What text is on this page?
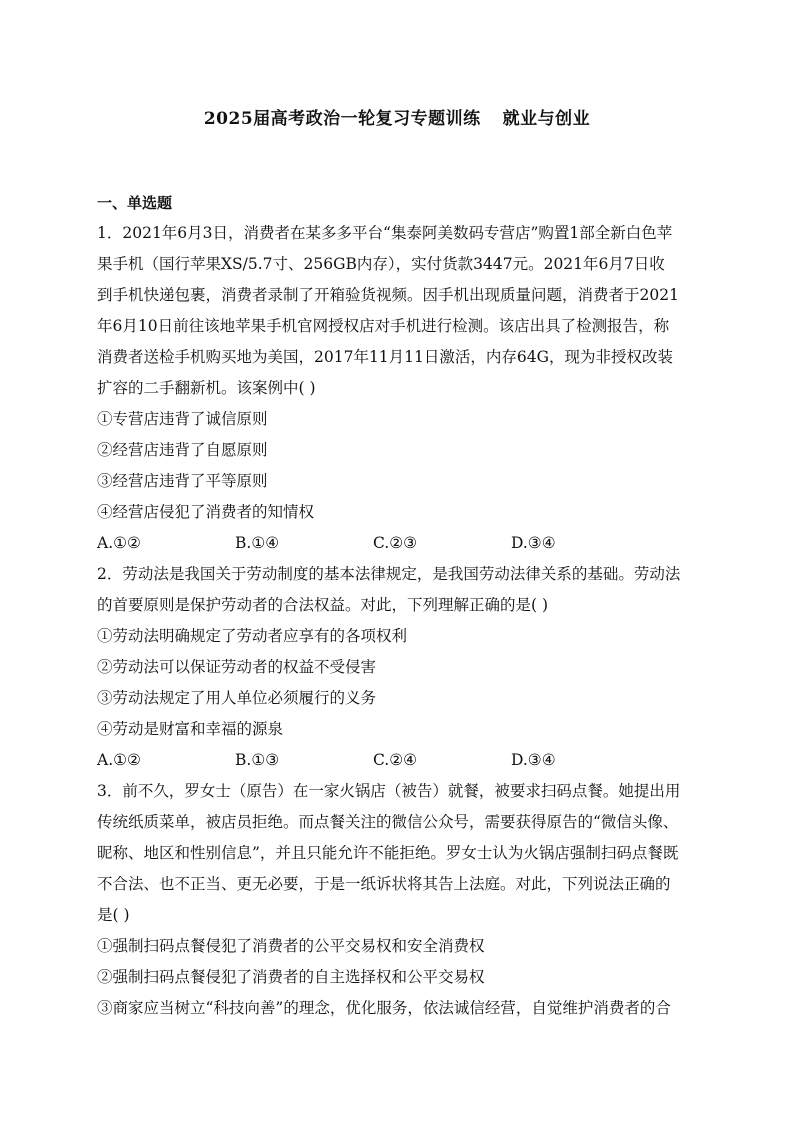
2025届高考政治一轮复习专题训练 就业与创业
一、单选题
1．2021年6月3日，消费者在某多多平台“集泰阿美数码专营店”购置1部全新白色苹
果手机（国行苹果XS/5.7寸、256GB内存），实付货款3447元。2021年6月7日收
到手机快递包裹，消费者录制了开箱验货视频。因手机出现质量问题，消费者于2021
年6月10日前往该地苹果手机官网授权店对手机进行检测。该店出具了检测报告，称
消费者送检手机购买地为美国，2017年11月11日激活，内存64G，现为非授权改装
扩容的二手翻新机。该案例中( )
①专营店违背了诚信原则
②经营店违背了自愿原则
③经营店违背了平等原则
④经营店侵犯了消费者的知情权
A.①②	B.①④	C.②③	D.③④
2．劳动法是我国关于劳动制度的基本法律规定，是我国劳动法律关系的基础。劳动法
的首要原则是保护劳动者的合法权益。对此，下列理解正确的是( )
①劳动法明确规定了劳动者应享有的各项权利
②劳动法可以保证劳动者的权益不受侵害
③劳动法规定了用人单位必须履行的义务
④劳动是财富和幸福的源泉
A.①②	B.①③	C.②④	D.③④
3．前不久，罗女士（原告）在一家火锅店（被告）就餐，被要求扫码点餐。她提出用
传统纸质菜单，被店员拒绝。而点餐关注的微信公众号，需要获得原告的“微信头像、
昵称、地区和性别信息”，并且只能允许不能拒绝。罗女士认为火锅店强制扫码点餐既
不合法、也不正当、更无必要，于是一纸诉状将其告上法庭。对此，下列说法正确的
是( )
①强制扫码点餐侵犯了消费者的公平交易权和安全消费权
②强制扫码点餐侵犯了消费者的自主选择权和公平交易权
③商家应当树立“科技向善”的理念，优化服务，依法诚信经营，自觉维护消费者的合
